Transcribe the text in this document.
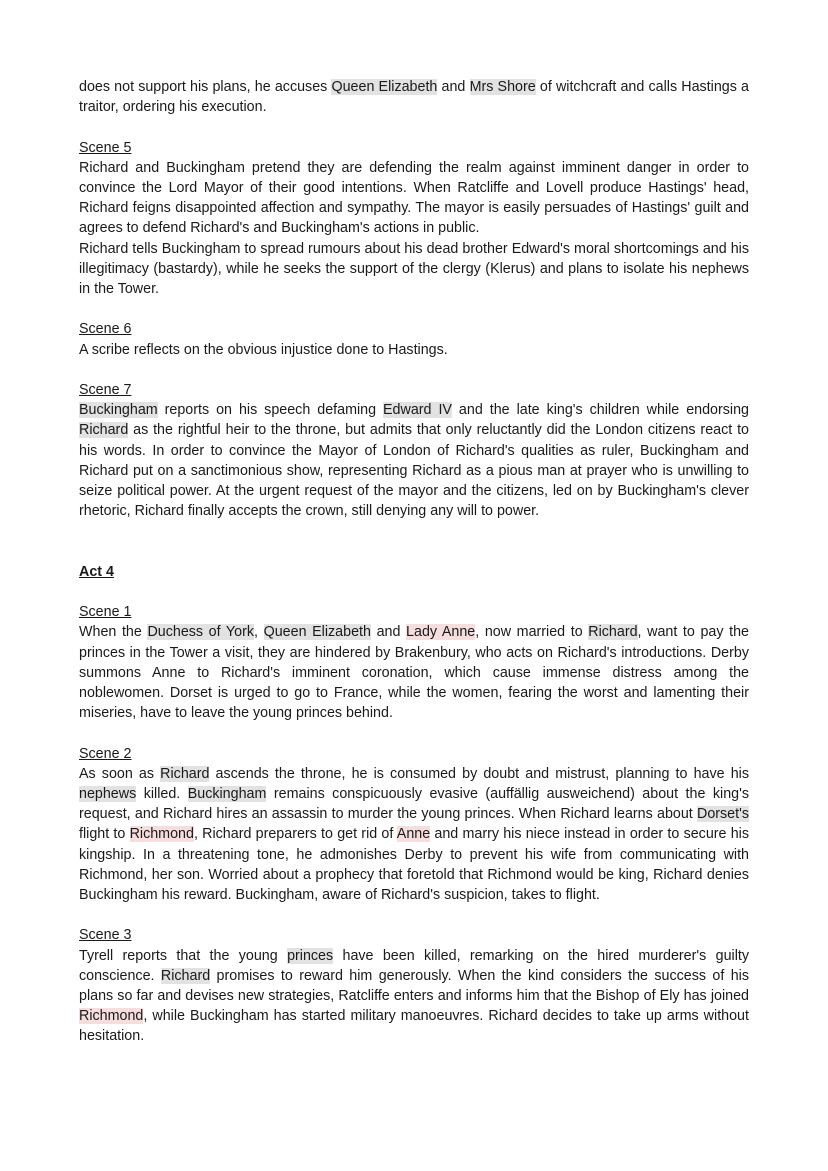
does not support his plans, he accuses Queen Elizabeth and Mrs Shore of witchcraft and calls Hastings a traitor, ordering his execution.

Scene 5

Richard and Buckingham pretend they are defending the realm against imminent danger in order to convince the Lord Mayor of their good intentions. When Ratcliffe and Lovell produce Hastings' head, Richard feigns disappointed affection and sympathy. The mayor is easily persuades of Hastings' guilt and agrees to defend Richard's and Buckingham's actions in public.

Richard tells Buckingham to spread rumours about his dead brother Edward's moral shortcomings and his illegitimacy (bastardy), while he seeks the support of the clergy (Klerus) and plans to isolate his nephews in the Tower.

Scene 6

A scribe reflects on the obvious injustice done to Hastings.

Scene 7

Buckingham reports on his speech defaming Edward IV and the late king's children while endorsing Richard as the rightful heir to the throne, but admits that only reluctantly did the London citizens react to his words. In order to convince the Mayor of London of Richard's qualities as ruler, Buckingham and Richard put on a sanctimonious show, representing Richard as a pious man at prayer who is unwilling to seize political power. At the urgent request of the mayor and the citizens, led on by Buckingham's clever rhetoric, Richard finally accepts the crown, still denying any will to power.

Act 4

Scene 1

When the Duchess of York, Queen Elizabeth and Lady Anne, now married to Richard, want to pay the princes in the Tower a visit, they are hindered by Brakenbury, who acts on Richard's introductions. Derby summons Anne to Richard's imminent coronation, which cause immense distress among the noblewomen. Dorset is urged to go to France, while the women, fearing the worst and lamenting their miseries, have to leave the young princes behind.

Scene 2

As soon as Richard ascends the throne, he is consumed by doubt and mistrust, planning to have his nephews killed. Buckingham remains conspicuously evasive (auffällig ausweichend) about the king's request, and Richard hires an assassin to murder the young princes. When Richard learns about Dorset's flight to Richmond, Richard preparers to get rid of Anne and marry his niece instead in order to secure his kingship. In a threatening tone, he admonishes Derby to prevent his wife from communicating with Richmond, her son. Worried about a prophecy that foretold that Richmond would be king, Richard denies Buckingham his reward. Buckingham, aware of Richard's suspicion, takes to flight.

Scene 3

Tyrell reports that the young princes have been killed, remarking on the hired murderer's guilty conscience. Richard promises to reward him generously. When the kind considers the success of his plans so far and devises new strategies, Ratcliffe enters and informs him that the Bishop of Ely has joined Richmond, while Buckingham has started military manoeuvres. Richard decides to take up arms without hesitation.
